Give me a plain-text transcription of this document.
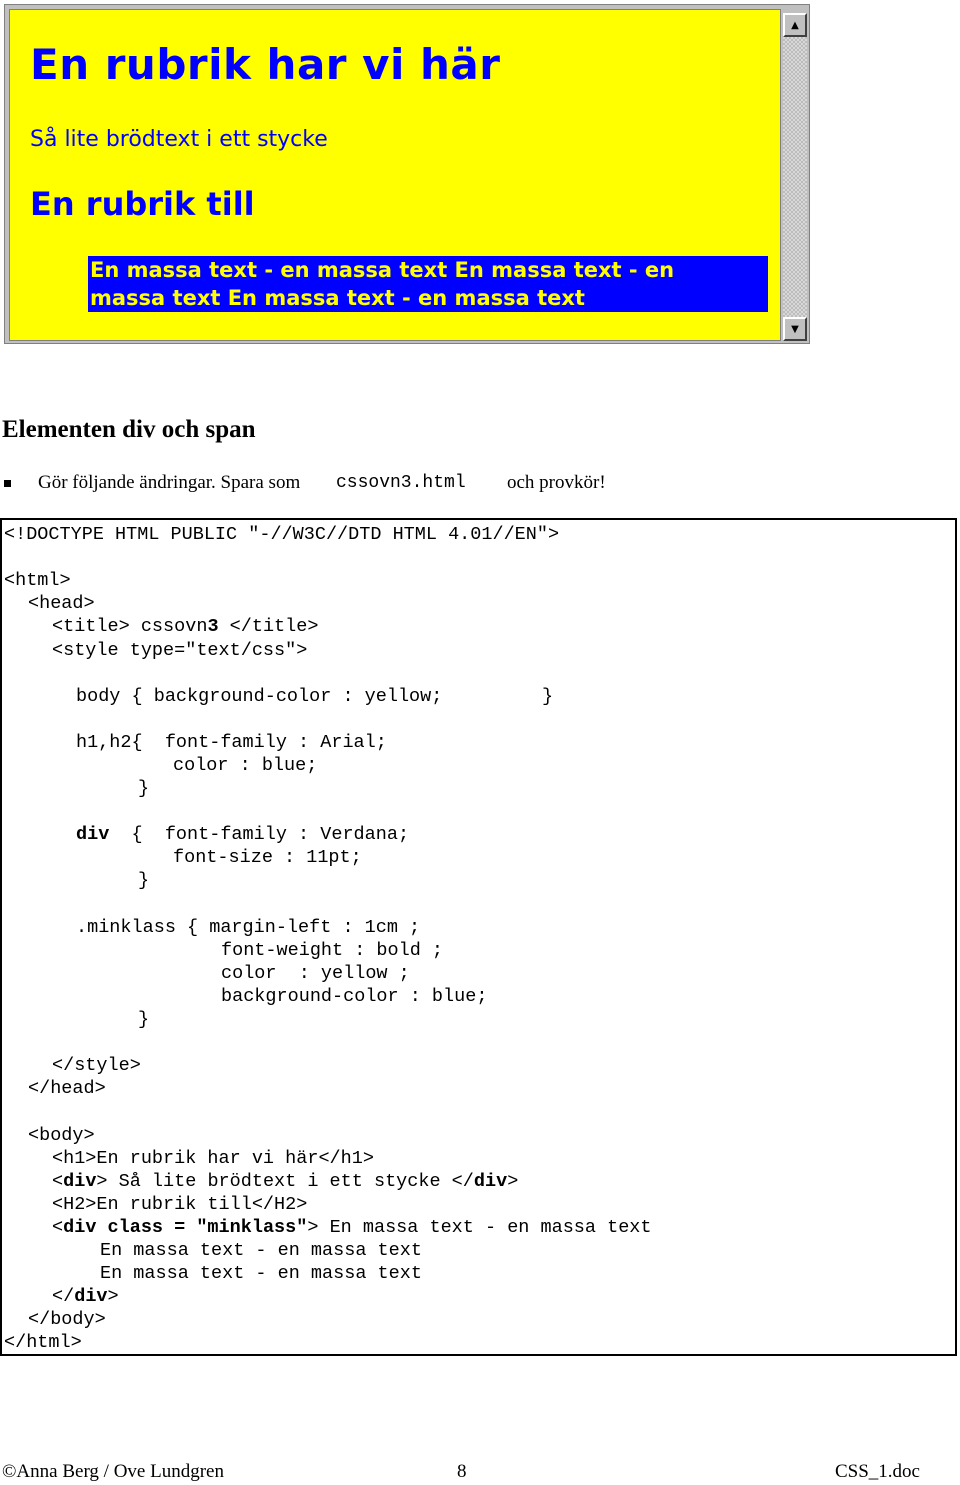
En rubrik har vi här
Så lite brödtext i ett stycke
En rubrik till
En massa text - en massa text En massa text - en
massa text En massa text - en massa text
▲
▼
Elementen div och span
Gör följande ändringar. Spara som cssovn3.html och provkör!
<!DOCTYPE HTML PUBLIC "-//W3C//DTD HTML 4.01//EN">
<html>
<head>
<title> cssovn3 </title>
<style type="text/css">
body { background-color : yellow;	}
h1,h2{  font-family : Arial;
color : blue;
}
div  {  font-family : Verdana;
font-size : 11pt;
}
.minklass { margin-left : 1cm ;
font-weight : bold ;
color  : yellow ;
background-color : blue;
}
</style>
</head>
<body>
<h1>En rubrik har vi här</h1>
<div> Så lite brödtext i ett stycke </div>
<H2>En rubrik till</H2>
<div class = "minklass"> En massa text - en massa text
En massa text - en massa text
En massa text - en massa text
</div>
</body>
</html>
©Anna Berg / Ove Lundgren	8	CSS_1.doc
